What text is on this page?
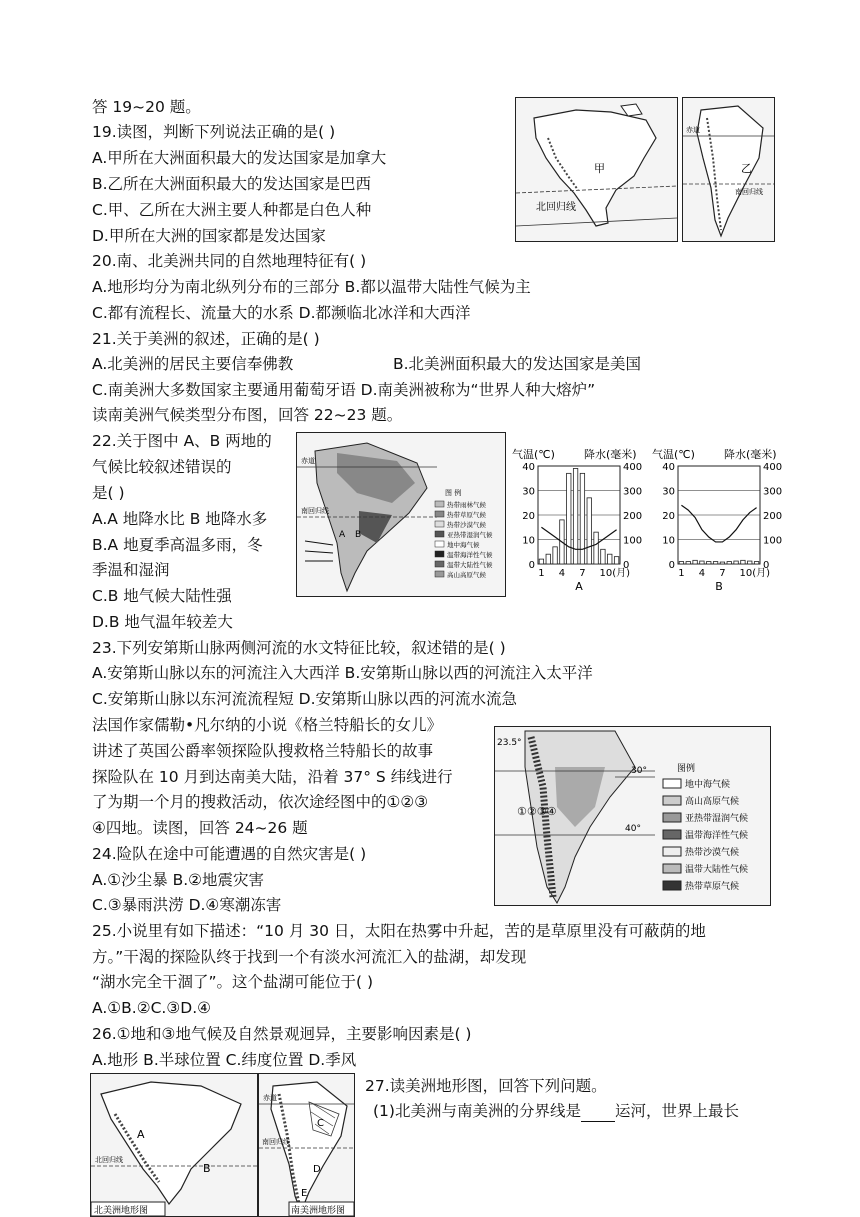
答 19~20 题。
19.读图，判断下列说法正确的是( )
A.甲所在大洲面积最大的发达国家是加拿大
B.乙所在大洲面积最大的发达国家是巴西
C.甲、乙所在大洲主要人种都是白色人种
D.甲所在大洲的国家都是发达国家
20.南、北美洲共同的自然地理特征有( )
A.地形均分为南北纵列分布的三部分 B.都以温带大陆性气候为主
C.都有流程长、流量大的水系 D.都濒临北冰洋和大西洋
21.关于美洲的叙述，正确的是( )
A.北美洲的居民主要信奉佛教	B.北美洲面积最大的发达国家是美国
C.南美洲大多数国家主要通用葡萄牙语 D.南美洲被称为“世界人种大熔炉”
读南美洲气候类型分布图，回答 22~23 题。
22.关于图中 A、B 两地的
气候比较叙述错误的
是( )
A.A 地降水比 B 地降水多
B.A 地夏季高温多雨，冬
季温和湿润
C.B 地气候大陆性强
D.B 地气温年较差大
23.下列安第斯山脉两侧河流的水文特征比较，叙述错的是( )
A.安第斯山脉以东的河流注入大西洋 B.安第斯山脉以西的河流注入太平洋
C.安第斯山脉以东河流流程短 D.安第斯山脉以西的河流水流急
法国作家儒勒•凡尔纳的小说《格兰特船长的女儿》
讲述了英国公爵率领探险队搜救格兰特船长的故事
探险队在 10 月到达南美大陆，沿着 37° S 纬线进行
了为期一个月的搜救活动，依次途经图中的①②③
④四地。读图，回答 24~26 题
24.险队在途中可能遭遇的自然灾害是( )
A.①沙尘暴 B.②地震灾害
C.③暴雨洪涝 D.④寒潮冻害
25.小说里有如下描述：“10 月 30 日，太阳在热雾中升起，苦的是草原里没有可蔽荫的地
方。”干渴的探险队终于找到一个有淡水河流汇入的盐湖，却发现
“湖水完全干涸了”。这个盐湖可能位于( )
A.①B.②C.③D.④
26.①地和③地气候及自然景观迥异，主要影响因素是( )
A.地形 B.半球位置 C.纬度位置 D.季风
27.读美洲地形图，回答下列问题。
(1)北美洲与南美洲的分界线是 运河，世界上最长
甲
北回归线
赤道
南回归线
乙
赤道
南回归线
A B
图 例
热带雨林气候
热带草原气候
热带沙漠气候
亚热带湿润气候
地中海气候
温带海洋性气候
温带大陆性气候
高山高原气候
气温(℃)	降水(毫米)
40	400
30	300
20	200
10	100
0	0
1 4 7 10(月)
A
气温(℃)	降水(毫米)
40	400
30	300
20	200
10	100
0	0
1 4 7 10(月)
B
23.5°
30°
40°
①②③④
图例
地中海气候
高山高原气候
亚热带湿润气候
温带海洋性气候
热带沙漠气候
温带大陆性气候
热带草原气候
A
B
北回归线
北美洲地形图
赤道
南回归线
C
D
E
南美洲地形图
